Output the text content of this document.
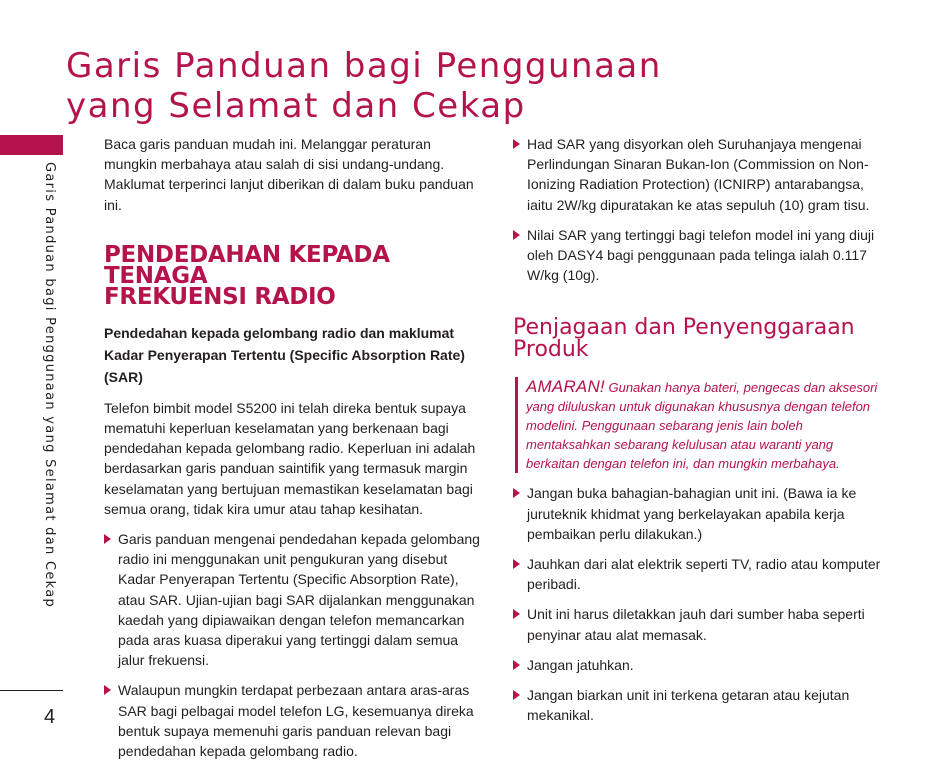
Garis Panduan bagi Penggunaan
yang Selamat dan Cekap
Garis Panduan bagi Penggunaan yang Selamat dan Cekap
4

Baca garis panduan mudah ini. Melanggar peraturan mungkin merbahaya atau salah di sisi undang-undang. Maklumat terperinci lanjut diberikan di dalam buku panduan ini.

PENDEDAHAN KEPADA TENAGA
FREKUENSI RADIO

Pendedahan kepada gelombang radio dan maklumat Kadar Penyerapan Tertentu (Specific Absorption Rate) (SAR)

Telefon bimbit model S5200 ini telah direka bentuk supaya mematuhi keperluan keselamatan yang berkenaan bagi pendedahan kepada gelombang radio. Keperluan ini adalah berdasarkan garis panduan saintifik yang termasuk margin keselamatan yang bertujuan memastikan keselamatan bagi semua orang, tidak kira umur atau tahap kesihatan.

Garis panduan mengenai pendedahan kepada gelombang radio ini menggunakan unit pengukuran yang disebut Kadar Penyerapan Tertentu (Specific Absorption Rate), atau SAR. Ujian-ujian bagi SAR dijalankan menggunakan kaedah yang dipiawaikan dengan telefon memancarkan pada aras kuasa diperakui yang tertinggi dalam semua jalur frekuensi.
Walaupun mungkin terdapat perbezaan antara aras-aras SAR bagi pelbagai model telefon LG, kesemuanya direka bentuk supaya memenuhi garis panduan relevan bagi pendedahan kepada gelombang radio.
Had SAR yang disyorkan oleh Suruhanjaya mengenai Perlindungan Sinaran Bukan-Ion (Commission on Non-Ionizing Radiation Protection) (ICNIRP) antarabangsa, iaitu 2W/kg dipuratakan ke atas sepuluh (10) gram tisu.
Nilai SAR yang tertinggi bagi telefon model ini yang diuji oleh DASY4 bagi penggunaan pada telinga ialah 0.117 W/kg (10g).
Penjagaan dan Penyenggaraan
Produk
AMARAN! Gunakan hanya bateri, pengecas dan aksesori yang diluluskan untuk digunakan khususnya dengan telefon modelini. Penggunaan sebarang jenis lain boleh mentaksahkan sebarang kelulusan atau waranti yang berkaitan dengan telefon ini, dan mungkin merbahaya.
Jangan buka bahagian-bahagian unit ini. (Bawa ia ke juruteknik khidmat yang berkelayakan apabila kerja pembaikan perlu dilakukan.)
Jauhkan dari alat elektrik seperti TV, radio atau komputer peribadi.
Unit ini harus diletakkan jauh dari sumber haba seperti penyinar atau alat memasak.
Jangan jatuhkan.
Jangan biarkan unit ini terkena getaran atau kejutan mekanikal.
